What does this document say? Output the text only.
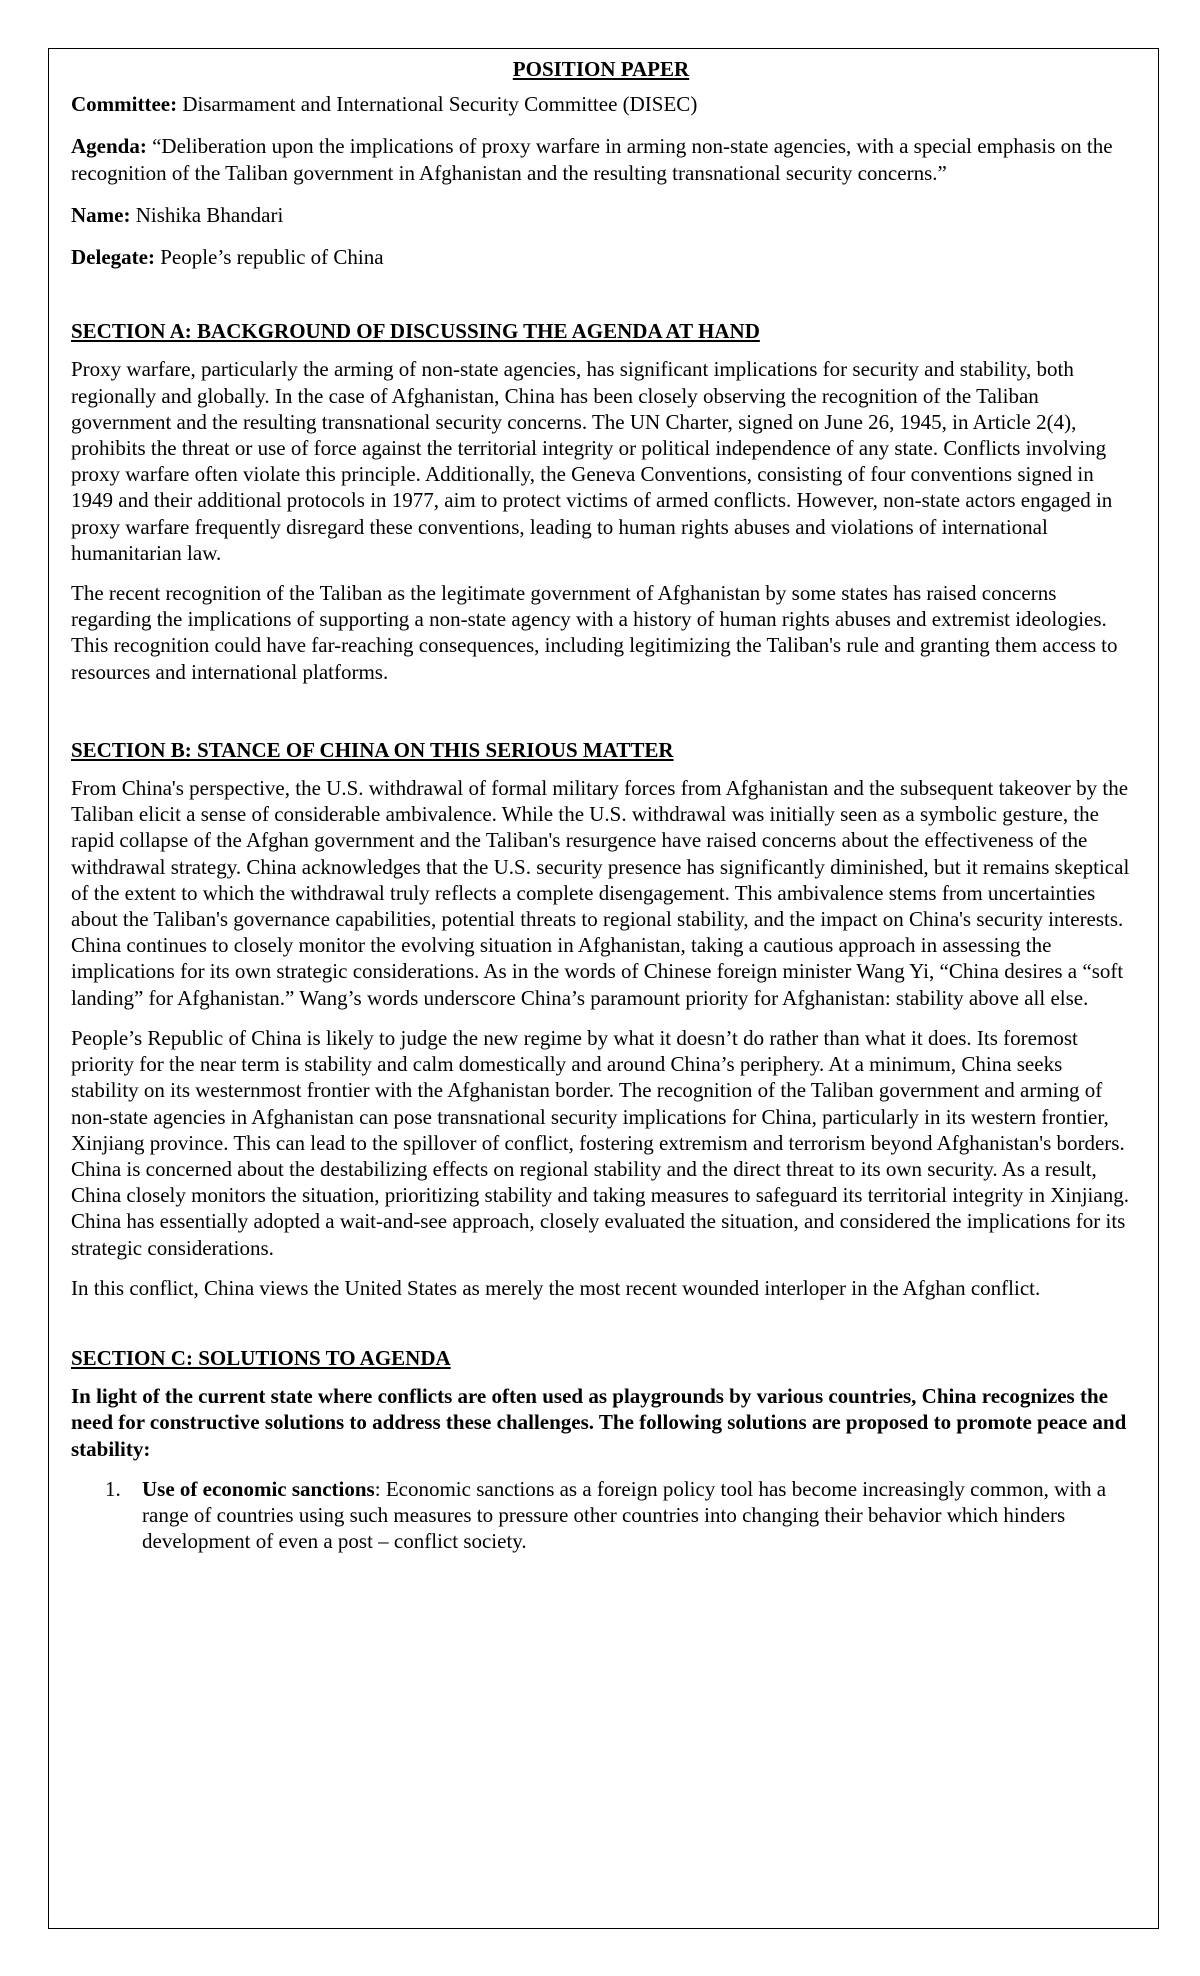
POSITION PAPER

Committee: Disarmament and International Security Committee (DISEC)

Agenda: “Deliberation upon the implications of proxy warfare in arming non-state agencies, with a special emphasis on the recognition of the Taliban government in Afghanistan and the resulting transnational security concerns.”

Name: Nishika Bhandari

Delegate: People’s republic of China

SECTION A: BACKGROUND OF DISCUSSING THE AGENDA AT HAND

Proxy warfare, particularly the arming of non-state agencies, has significant implications for security and stability, both regionally and globally. In the case of Afghanistan, China has been closely observing the recognition of the Taliban government and the resulting transnational security concerns. The UN Charter, signed on June 26, 1945, in Article 2(4), prohibits the threat or use of force against the territorial integrity or political independence of any state. Conflicts involving proxy warfare often violate this principle. Additionally, the Geneva Conventions, consisting of four conventions signed in 1949 and their additional protocols in 1977, aim to protect victims of armed conflicts. However, non-state actors engaged in proxy warfare frequently disregard these conventions, leading to human rights abuses and violations of international humanitarian law.

The recent recognition of the Taliban as the legitimate government of Afghanistan by some states has raised concerns regarding the implications of supporting a non-state agency with a history of human rights abuses and extremist ideologies. This recognition could have far-reaching consequences, including legitimizing the Taliban's rule and granting them access to resources and international platforms.

SECTION B: STANCE OF CHINA ON THIS SERIOUS MATTER

From China's perspective, the U.S. withdrawal of formal military forces from Afghanistan and the subsequent takeover by the Taliban elicit a sense of considerable ambivalence. While the U.S. withdrawal was initially seen as a symbolic gesture, the rapid collapse of the Afghan government and the Taliban's resurgence have raised concerns about the effectiveness of the withdrawal strategy. China acknowledges that the U.S. security presence has significantly diminished, but it remains skeptical of the extent to which the withdrawal truly reflects a complete disengagement. This ambivalence stems from uncertainties about the Taliban's governance capabilities, potential threats to regional stability, and the impact on China's security interests. China continues to closely monitor the evolving situation in Afghanistan, taking a cautious approach in assessing the implications for its own strategic considerations. As in the words of Chinese foreign minister Wang Yi, “China desires a “soft landing” for Afghanistan.” Wang’s words underscore China’s paramount priority for Afghanistan: stability above all else.

People’s Republic of China is likely to judge the new regime by what it doesn’t do rather than what it does. Its foremost priority for the near term is stability and calm domestically and around China’s periphery. At a minimum, China seeks stability on its westernmost frontier with the Afghanistan border. The recognition of the Taliban government and arming of non-state agencies in Afghanistan can pose transnational security implications for China, particularly in its western frontier, Xinjiang province. This can lead to the spillover of conflict, fostering extremism and terrorism beyond Afghanistan's borders. China is concerned about the destabilizing effects on regional stability and the direct threat to its own security. As a result, China closely monitors the situation, prioritizing stability and taking measures to safeguard its territorial integrity in Xinjiang. China has essentially adopted a wait-and-see approach, closely evaluated the situation, and considered the implications for its strategic considerations.

In this conflict, China views the United States as merely the most recent wounded interloper in the Afghan conflict.

SECTION C: SOLUTIONS TO AGENDA

In light of the current state where conflicts are often used as playgrounds by various countries, China recognizes the need for constructive solutions to address these challenges. The following solutions are proposed to promote peace and stability:

1. Use of economic sanctions: Economic sanctions as a foreign policy tool has become increasingly common, with a range of countries using such measures to pressure other countries into changing their behavior which hinders development of even a post – conflict society.
